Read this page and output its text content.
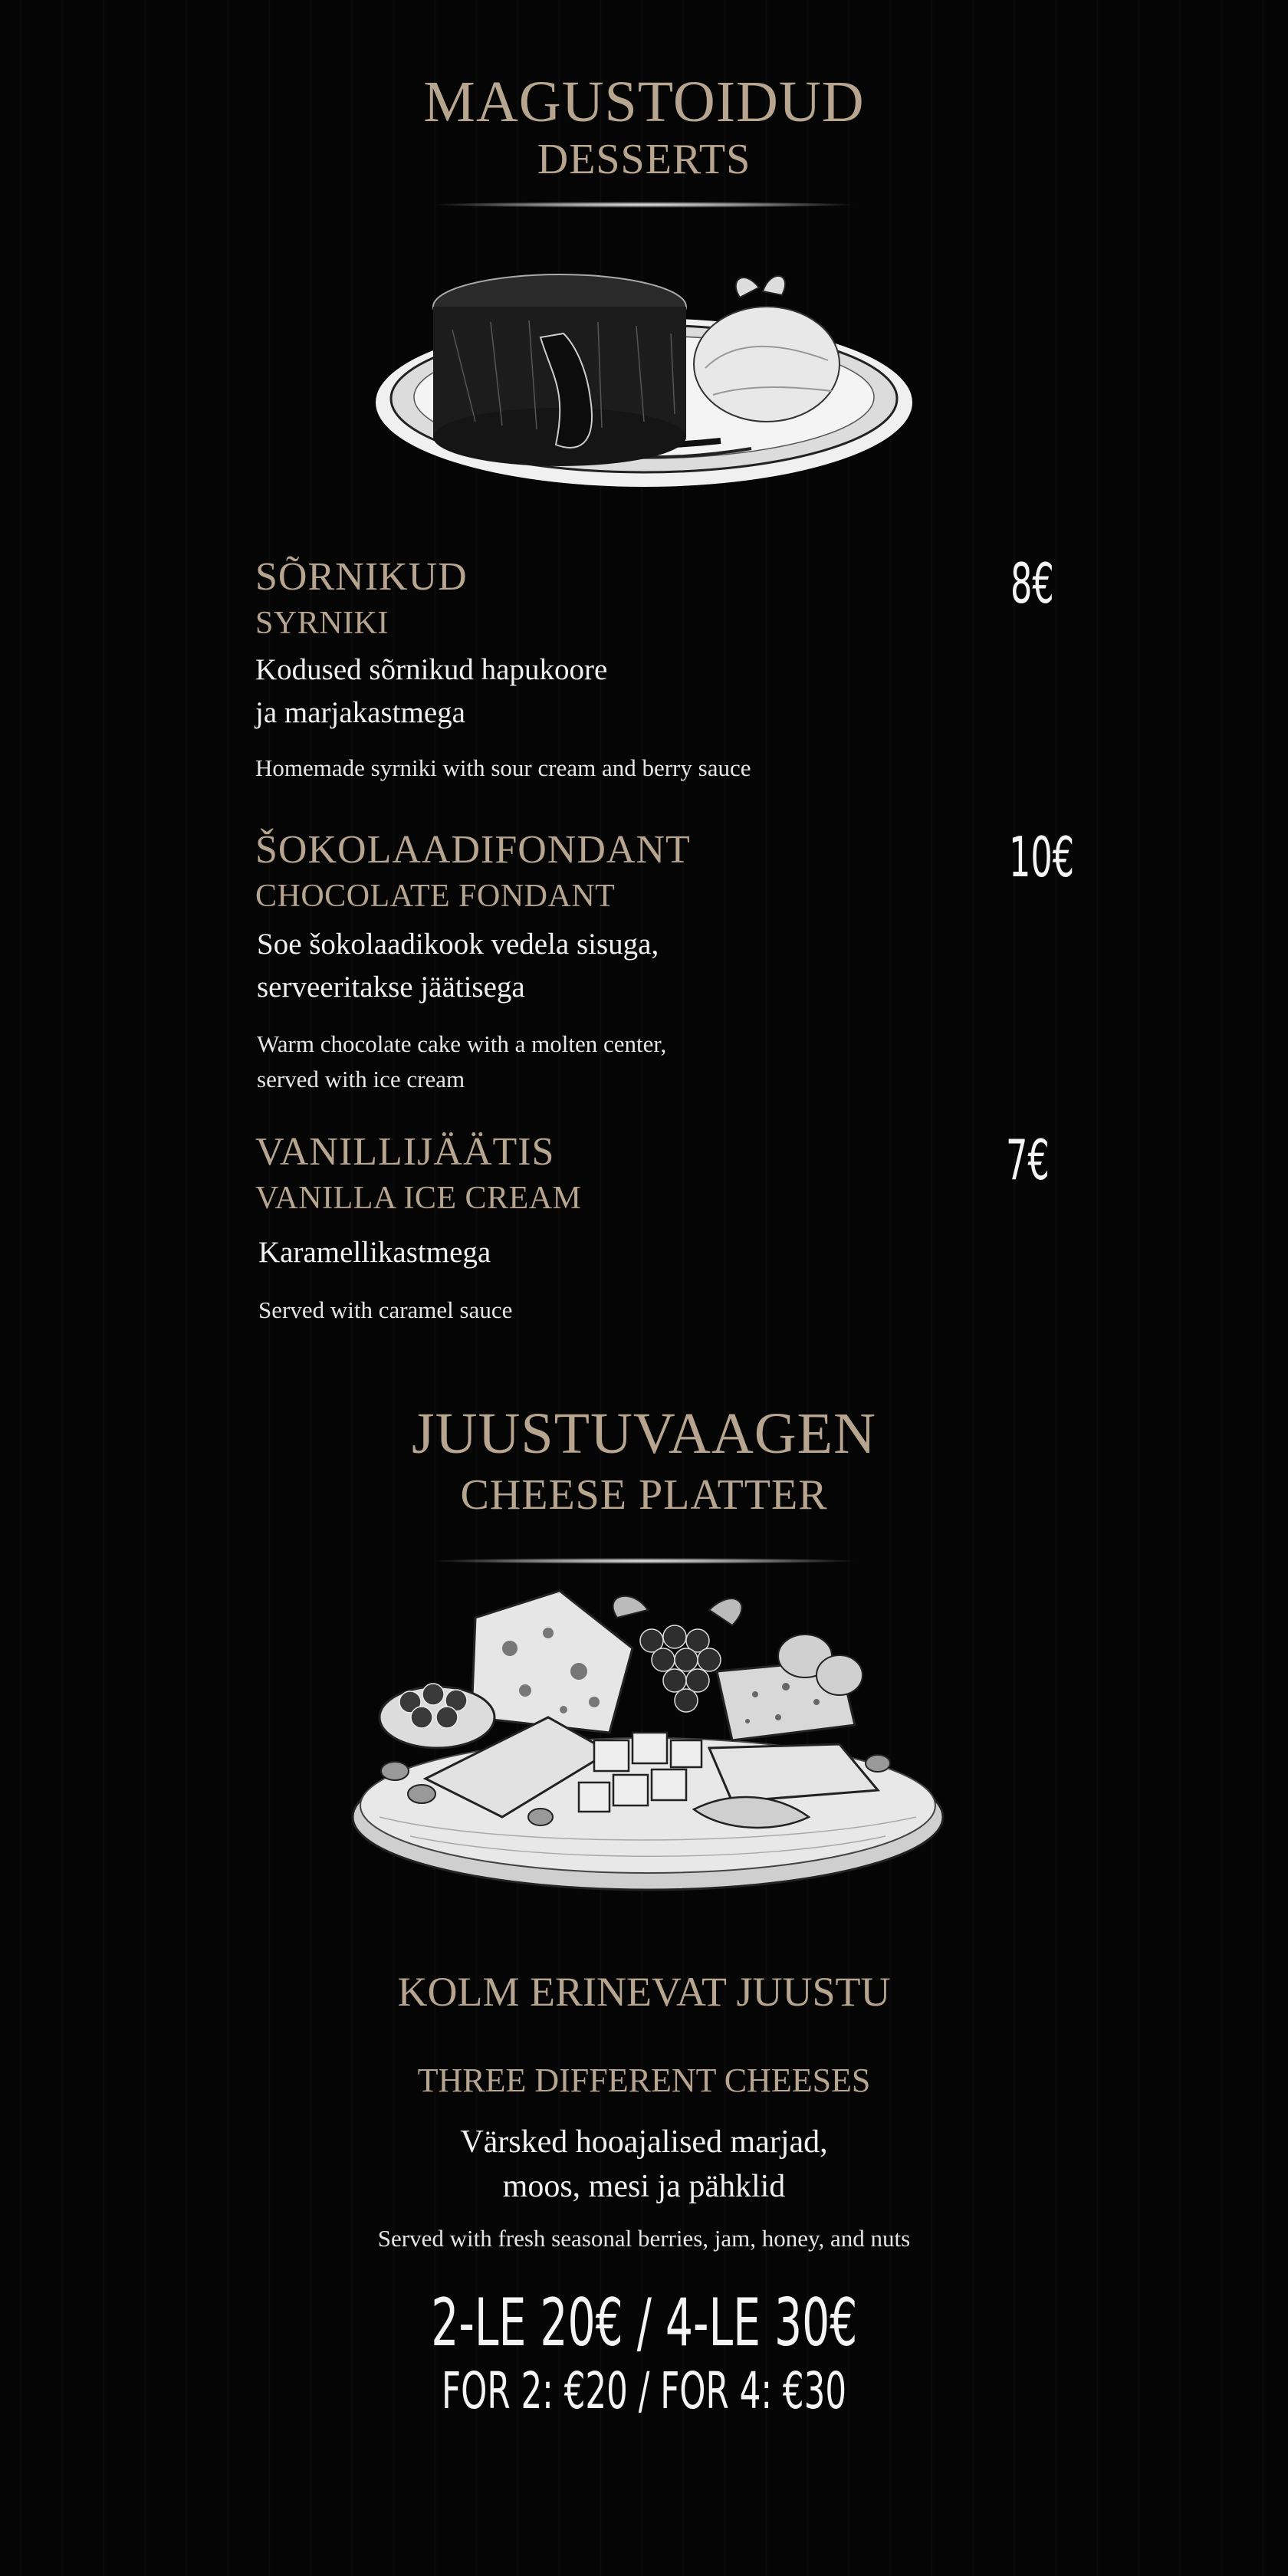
MAGUSTOIDUD
DESSERTS
SÕRNIKUD
SYRNIKI
8€
Kodused sõrnikud hapukoore
ja marjakastmega
Homemade syrniki with sour cream and berry sauce
ŠOKOLAADIFONDANT
CHOCOLATE FONDANT
10€
Soe šokolaadikook vedela sisuga,
serveeritakse jäätisega
Warm chocolate cake with a molten center,
served with ice cream
VANILLIJÄÄTIS
VANILLA ICE CREAM
7€
Karamellikastmega
Served with caramel sauce
JUUSTUVAAGEN
CHEESE PLATTER
KOLM ERINEVAT JUUSTU
THREE DIFFERENT CHEESES
Värsked hooajalised marjad,
moos, mesi ja pähklid
Served with fresh seasonal berries, jam, honey, and nuts
2-LE 20€ / 4-LE 30€
FOR 2: €20 / FOR 4: €30
